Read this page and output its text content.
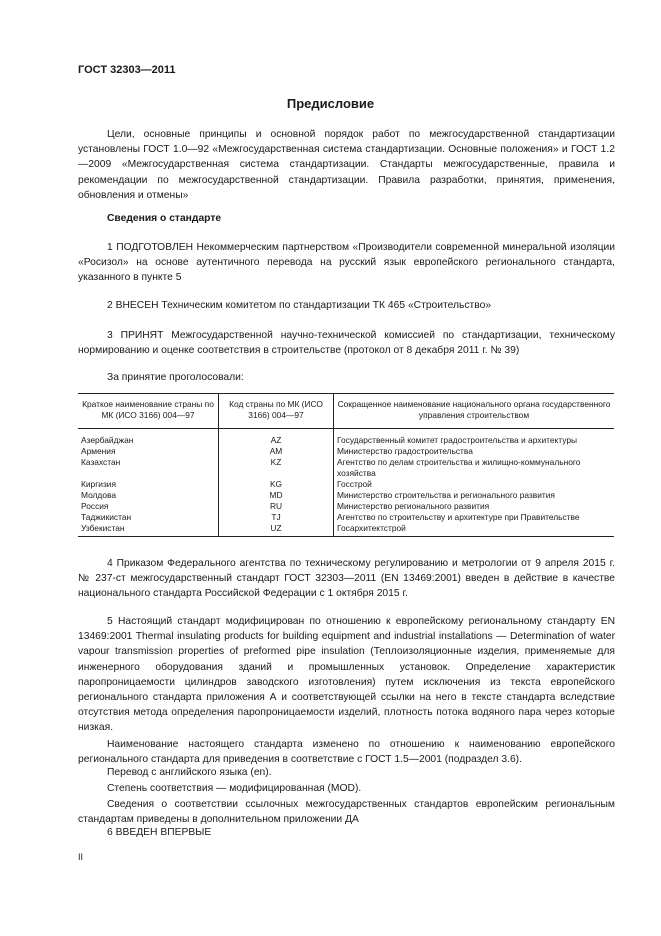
ГОСТ 32303—2011
Предисловие
Цели, основные принципы и основной порядок работ по межгосударственной стандартизации установлены ГОСТ 1.0—92 «Межгосударственная система стандартизации. Основные положения» и ГОСТ 1.2—2009 «Межгосударственная система стандартизации. Стандарты межгосударственные, правила и рекомендации по межгосударственной стандартизации. Правила разработки, принятия, применения, обновления и отмены»
Сведения о стандарте
1 ПОДГОТОВЛЕН Некоммерческим партнерством «Производители современной минеральной изоляции «Росизол» на основе аутентичного перевода на русский язык европейского регионального стандарта, указанного в пункте 5
2 ВНЕСЕН Техническим комитетом по стандартизации ТК 465 «Строительство»
3 ПРИНЯТ Межгосударственной научно-технической комиссией по стандартизации, техническому нормированию и оценке соответствия в строительстве (протокол от 8 декабря 2011 г. № 39)
За принятие проголосовали:
Краткое наименование страны по МК (ИСО 3166) 004—97	Код страны по МК (ИСО 3166) 004—97	Сокращенное наименование национального органа государственного управления строительством
Азербайджан	AZ	Государственный комитет градостроительства и архитектуры
Армения	AM	Министерство градостроительства
Казахстан	KZ	Агентство по делам строительства и жилищно-коммунального хозяйства
Киргизия	KG	Госстрой
Молдова	MD	Министерство строительства и регионального развития
Россия	RU	Министерство регионального развития
Таджикистан	TJ	Агентство по строительству и архитектуре при Правительстве
Узбекистан	UZ	Госархитектстрой
4 Приказом Федерального агентства по техническому регулированию и метрологии от 9 апреля 2015 г. № 237-ст межгосударственный стандарт ГОСТ 32303—2011 (EN 13469:2001) введен в действие в качестве национального стандарта Российской Федерации с 1 октября 2015 г.
5 Настоящий стандарт модифицирован по отношению к европейскому региональному стандарту EN 13469:2001 Thermal insulating products for building equipment and industrial installations — Determination of water vapour transmission properties of preformed pipe insulation (Теплоизоляционные изделия, применяемые для инженерного оборудования зданий и промышленных установок. Определение характеристик паропроницаемости цилиндров заводского изготовления) путем исключения из текста европейского регионального стандарта приложения А и соответствующей ссылки на него в тексте стандарта вследствие отсутствия метода определения паропроницаемости изделий, плотность потока водяного пара через которые низкая.
Наименование настоящего стандарта изменено по отношению к наименованию европейского регионального стандарта для приведения в соответствие с ГОСТ 1.5—2001 (подраздел 3.6).
Перевод с английского языка (en).
Степень соответствия — модифицированная (MOD).
Сведения о соответствии ссылочных межгосударственных стандартов европейским региональным стандартам приведены в дополнительном приложении ДА
6 ВВЕДЕН ВПЕРВЫЕ
II
